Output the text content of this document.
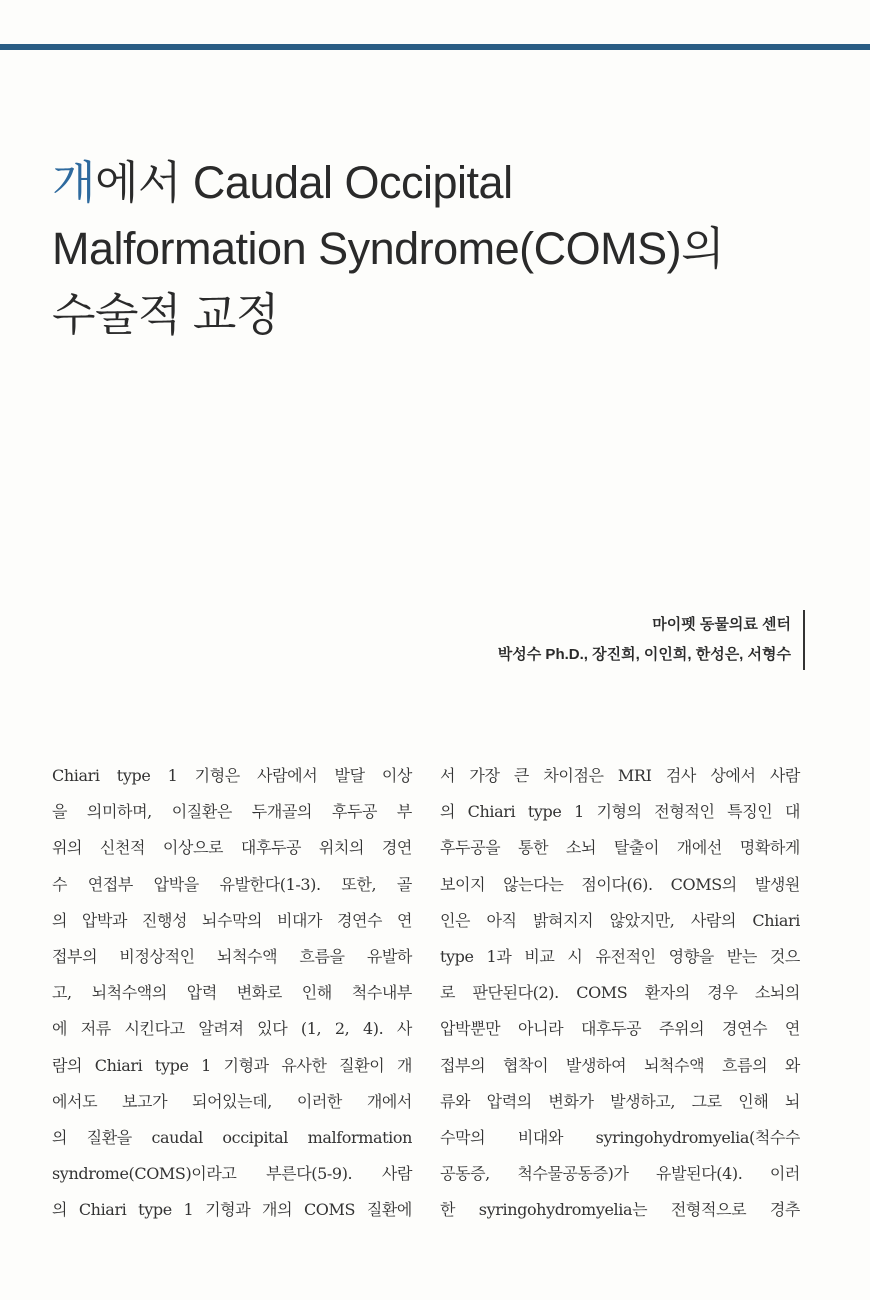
개에서 Caudal Occipital
Malformation Syndrome(COMS)의
수술적 교정
마이펫 동물의료 센터
박성수 Ph.D., 장진희, 이인희, 한성은, 서형수
Chiari type 1 기형은 사람에서 발달 이상
을 의미하며, 이질환은 두개골의 후두공 부
위의 신천적 이상으로 대후두공 위치의 경연
수 연접부 압박을 유발한다(1-3). 또한, 골
의 압박과 진행성 뇌수막의 비대가 경연수 연
접부의 비정상적인 뇌척수액 흐름을 유발하
고, 뇌척수액의 압력 변화로 인해 척수내부
에 저류 시킨다고 알려져 있다 (1, 2, 4). 사
람의 Chiari type 1 기형과 유사한 질환이 개
에서도 보고가 되어있는데, 이러한 개에서
의 질환을 caudal occipital malformation
syndrome(COMS)이라고 부른다(5-9). 사람
의 Chiari type 1 기형과 개의 COMS 질환에
서 가장 큰 차이점은 MRI 검사 상에서 사람
의 Chiari type 1 기형의 전형적인 특징인 대
후두공을 통한 소뇌 탈출이 개에선 명확하게
보이지 않는다는 점이다(6). COMS의 발생원
인은 아직 밝혀지지 않았지만, 사람의 Chiari
type 1과 비교 시 유전적인 영향을 받는 것으
로 판단된다(2). COMS 환자의 경우 소뇌의
압박뿐만 아니라 대후두공 주위의 경연수 연
접부의 협착이 발생하여 뇌척수액 흐름의 와
류와 압력의 변화가 발생하고, 그로 인해 뇌
수막의 비대와 syringohydromyelia(척수수
공동증, 척수물공동증)가 유발된다(4). 이러
한 syringohydromyelia는 전형적으로 경추
